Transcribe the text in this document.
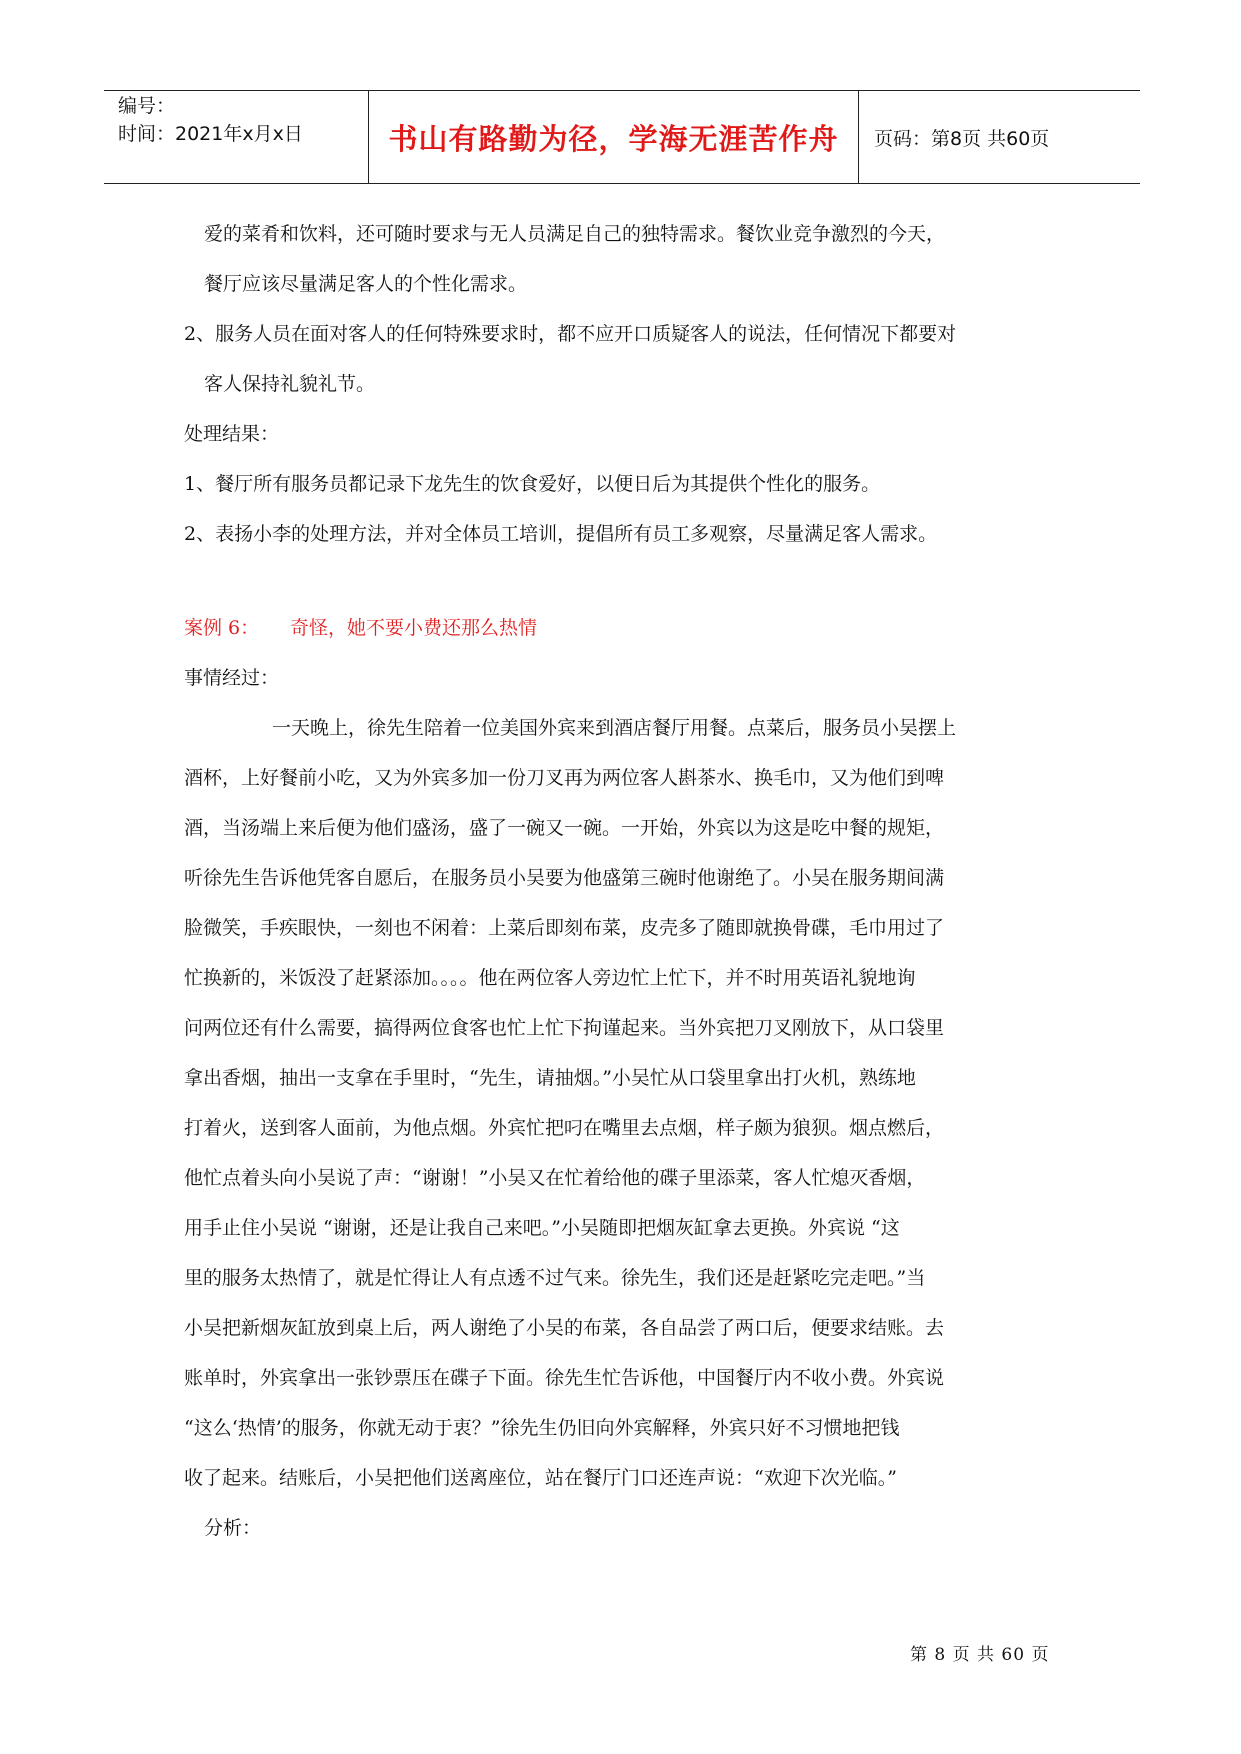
编号：
时间：2021年x月x日	书山有路勤为径，学海无涯苦作舟	页码：第8页 共60页
爱的菜肴和饮料，还可随时要求与无人员满足自己的独特需求。餐饮业竞争激烈的今天，
餐厅应该尽量满足客人的个性化需求。
2、服务人员在面对客人的任何特殊要求时，都不应开口质疑客人的说法，任何情况下都要对
客人保持礼貌礼节。
处理结果：
1、餐厅所有服务员都记录下龙先生的饮食爱好，以便日后为其提供个性化的服务。
2、表扬小李的处理方法，并对全体员工培训，提倡所有员工多观察，尽量满足客人需求。
案例 6： 奇怪，她不要小费还那么热情
事情经过：
一天晚上，徐先生陪着一位美国外宾来到酒店餐厅用餐。点菜后，服务员小吴摆上
酒杯，上好餐前小吃，又为外宾多加一份刀叉再为两位客人斟茶水、换毛巾，又为他们到啤
酒，当汤端上来后便为他们盛汤，盛了一碗又一碗。一开始，外宾以为这是吃中餐的规矩，
听徐先生告诉他凭客自愿后，在服务员小吴要为他盛第三碗时他谢绝了。小吴在服务期间满
脸微笑，手疾眼快，一刻也不闲着：上菜后即刻布菜，皮壳多了随即就换骨碟，毛巾用过了
忙换新的，米饭没了赶紧添加。。。。他在两位客人旁边忙上忙下，并不时用英语礼貌地询
问两位还有什么需要，搞得两位食客也忙上忙下拘谨起来。当外宾把刀叉刚放下，从口袋里
拿出香烟，抽出一支拿在手里时，“先生，请抽烟。”小吴忙从口袋里拿出打火机，熟练地
打着火，送到客人面前，为他点烟。外宾忙把叼在嘴里去点烟，样子颇为狼狈。烟点燃后，
他忙点着头向小吴说了声：“谢谢！”小吴又在忙着给他的碟子里添菜，客人忙熄灭香烟，
用手止住小吴说 “谢谢，还是让我自己来吧。”小吴随即把烟灰缸拿去更换。外宾说 “这
里的服务太热情了，就是忙得让人有点透不过气来。徐先生，我们还是赶紧吃完走吧。”当
小吴把新烟灰缸放到桌上后，两人谢绝了小吴的布菜，各自品尝了两口后，便要求结账。去
账单时，外宾拿出一张钞票压在碟子下面。徐先生忙告诉他，中国餐厅内不收小费。外宾说
“这么‘热情’的服务，你就无动于衷？”徐先生仍旧向外宾解释，外宾只好不习惯地把钱
收了起来。结账后，小吴把他们送离座位，站在餐厅门口还连声说：“欢迎下次光临。”
分析：
第 8 页 共 60 页
